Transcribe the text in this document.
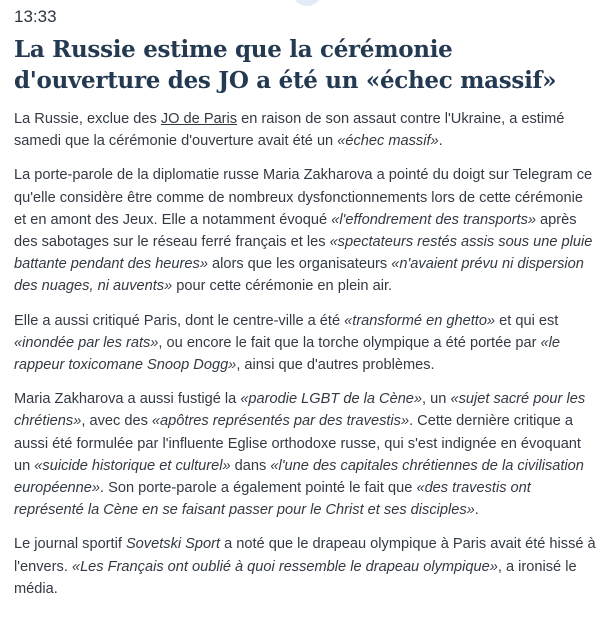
13:33
La Russie estime que la cérémonie d'ouverture des JO a été un «échec massif»

La Russie, exclue des JO de Paris en raison de son assaut contre l'Ukraine, a estimé samedi que la cérémonie d'ouverture avait été un «échec massif».

La porte-parole de la diplomatie russe Maria Zakharova a pointé du doigt sur Telegram ce qu'elle considère être comme de nombreux dysfonctionnements lors de cette cérémonie et en amont des Jeux. Elle a notamment évoqué «l'effondrement des transports» après des sabotages sur le réseau ferré français et les «spectateurs restés assis sous une pluie battante pendant des heures» alors que les organisateurs «n'avaient prévu ni dispersion des nuages, ni auvents» pour cette cérémonie en plein air.

Elle a aussi critiqué Paris, dont le centre-ville a été «transformé en ghetto» et qui est «inondée par les rats», ou encore le fait que la torche olympique a été portée par «le rappeur toxicomane Snoop Dogg», ainsi que d'autres problèmes.

Maria Zakharova a aussi fustigé la «parodie LGBT de la Cène», un «sujet sacré pour les chrétiens», avec des «apôtres représentés par des travestis». Cette dernière critique a aussi été formulée par l'influente Eglise orthodoxe russe, qui s'est indignée en évoquant un «suicide historique et culturel» dans «l'une des capitales chrétiennes de la civilisation européenne». Son porte-parole a également pointé le fait que «des travestis ont représenté la Cène en se faisant passer pour le Christ et ses disciples».

Le journal sportif Sovetski Sport a noté que le drapeau olympique à Paris avait été hissé à l'envers. «Les Français ont oublié à quoi ressemble le drapeau olympique», a ironisé le média.
